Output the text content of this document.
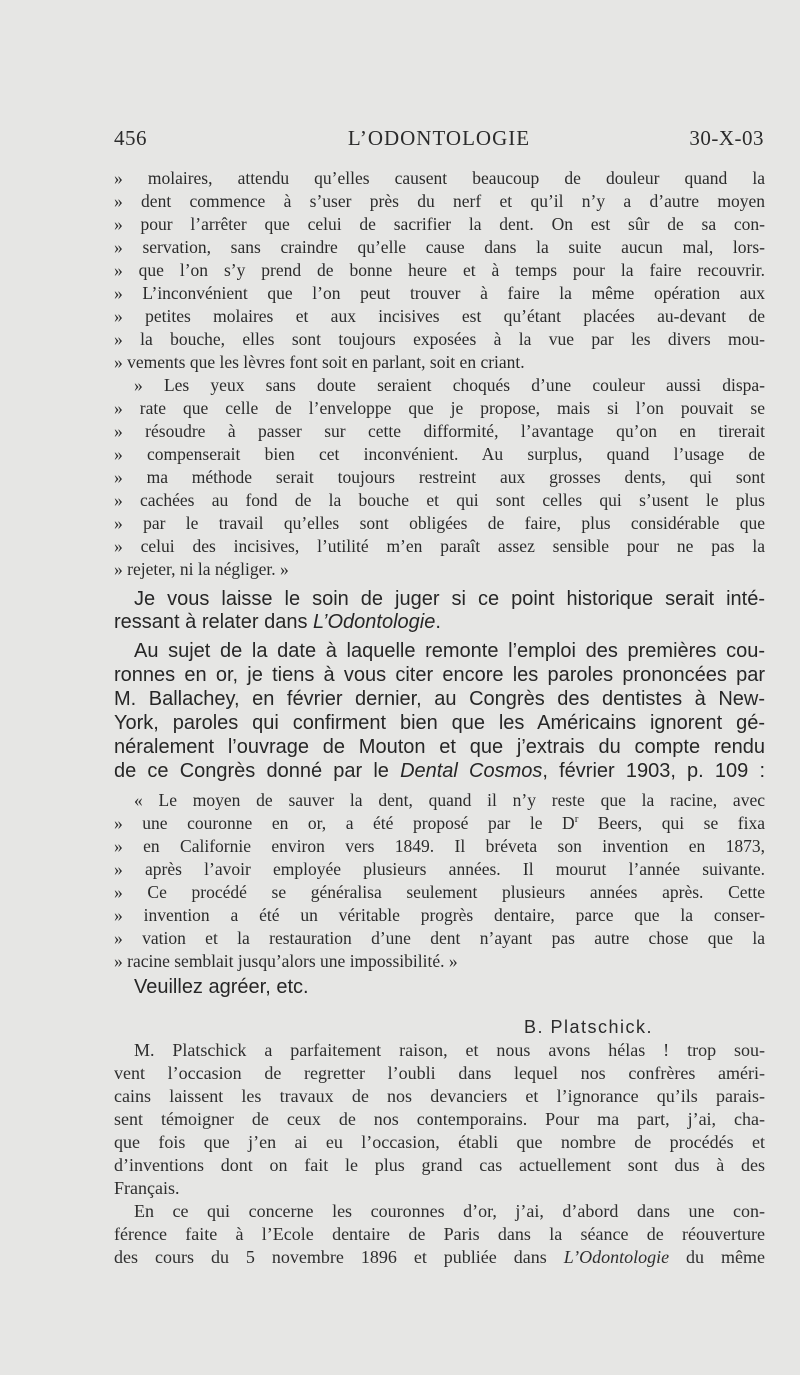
456	L’ODONTOLOGIE	30-X-03
» molaires, attendu qu’elles causent beaucoup de douleur quand la
» dent commence à s’user près du nerf et qu’il n’y a d’autre moyen
» pour l’arrêter que celui de sacrifier la dent. On est sûr de sa con-
» servation, sans craindre qu’elle cause dans la suite aucun mal, lors-
» que l’on s’y prend de bonne heure et à temps pour la faire recouvrir.
» L’inconvénient que l’on peut trouver à faire la même opération aux
» petites molaires et aux incisives est qu’étant placées au-devant de
» la bouche, elles sont toujours exposées à la vue par les divers mou-
» vements que les lèvres font soit en parlant, soit en criant.
» Les yeux sans doute seraient choqués d’une couleur aussi dispa-
» rate que celle de l’enveloppe que je propose, mais si l’on pouvait se
» résoudre à passer sur cette difformité, l’avantage qu’on en tirerait
» compenserait bien cet inconvénient. Au surplus, quand l’usage de
» ma méthode serait toujours restreint aux grosses dents, qui sont
» cachées au fond de la bouche et qui sont celles qui s’usent le plus
» par le travail qu’elles sont obligées de faire, plus considérable que
» celui des incisives, l’utilité m’en paraît assez sensible pour ne pas la
» rejeter, ni la négliger. »
Je vous laisse le soin de juger si ce point historique serait inté-
ressant à relater dans L’Odontologie.
Au sujet de la date à laquelle remonte l’emploi des premières cou-
ronnes en or, je tiens à vous citer encore les paroles prononcées par
M. Ballachey, en février dernier, au Congrès des dentistes à New-
York, paroles qui confirment bien que les Américains ignorent gé-
néralement l’ouvrage de Mouton et que j’extrais du compte rendu
de ce Congrès donné par le Dental Cosmos, février 1903, p. 109 :
« Le moyen de sauver la dent, quand il n’y reste que la racine, avec
» une couronne en or, a été proposé par le $D^r$ Beers, qui se fixa
» en Californie environ vers 1849. Il bréveta son invention en 1873,
» après l’avoir employée plusieurs années. Il mourut l’année suivante.
» Ce procédé se généralisa seulement plusieurs années après. Cette
» invention a été un véritable progrès dentaire, parce que la conser-
» vation et la restauration d’une dent n’ayant pas autre chose que la
» racine semblait jusqu’alors une impossibilité. »
Veuillez agréer, etc.
B. Platschick.
M. Platschick a parfaitement raison, et nous avons hélas ! trop sou-
vent l’occasion de regretter l’oubli dans lequel nos confrères améri-
cains laissent les travaux de nos devanciers et l’ignorance qu’ils parais-
sent témoigner de ceux de nos contemporains. Pour ma part, j’ai, cha-
que fois que j’en ai eu l’occasion, établi que nombre de procédés et
d’inventions dont on fait le plus grand cas actuellement sont dus à des
Français.
En ce qui concerne les couronnes d’or, j’ai, d’abord dans une con-
férence faite à l’Ecole dentaire de Paris dans la séance de réouverture
des cours du 5 novembre 1896 et publiée dans L’Odontologie du même
